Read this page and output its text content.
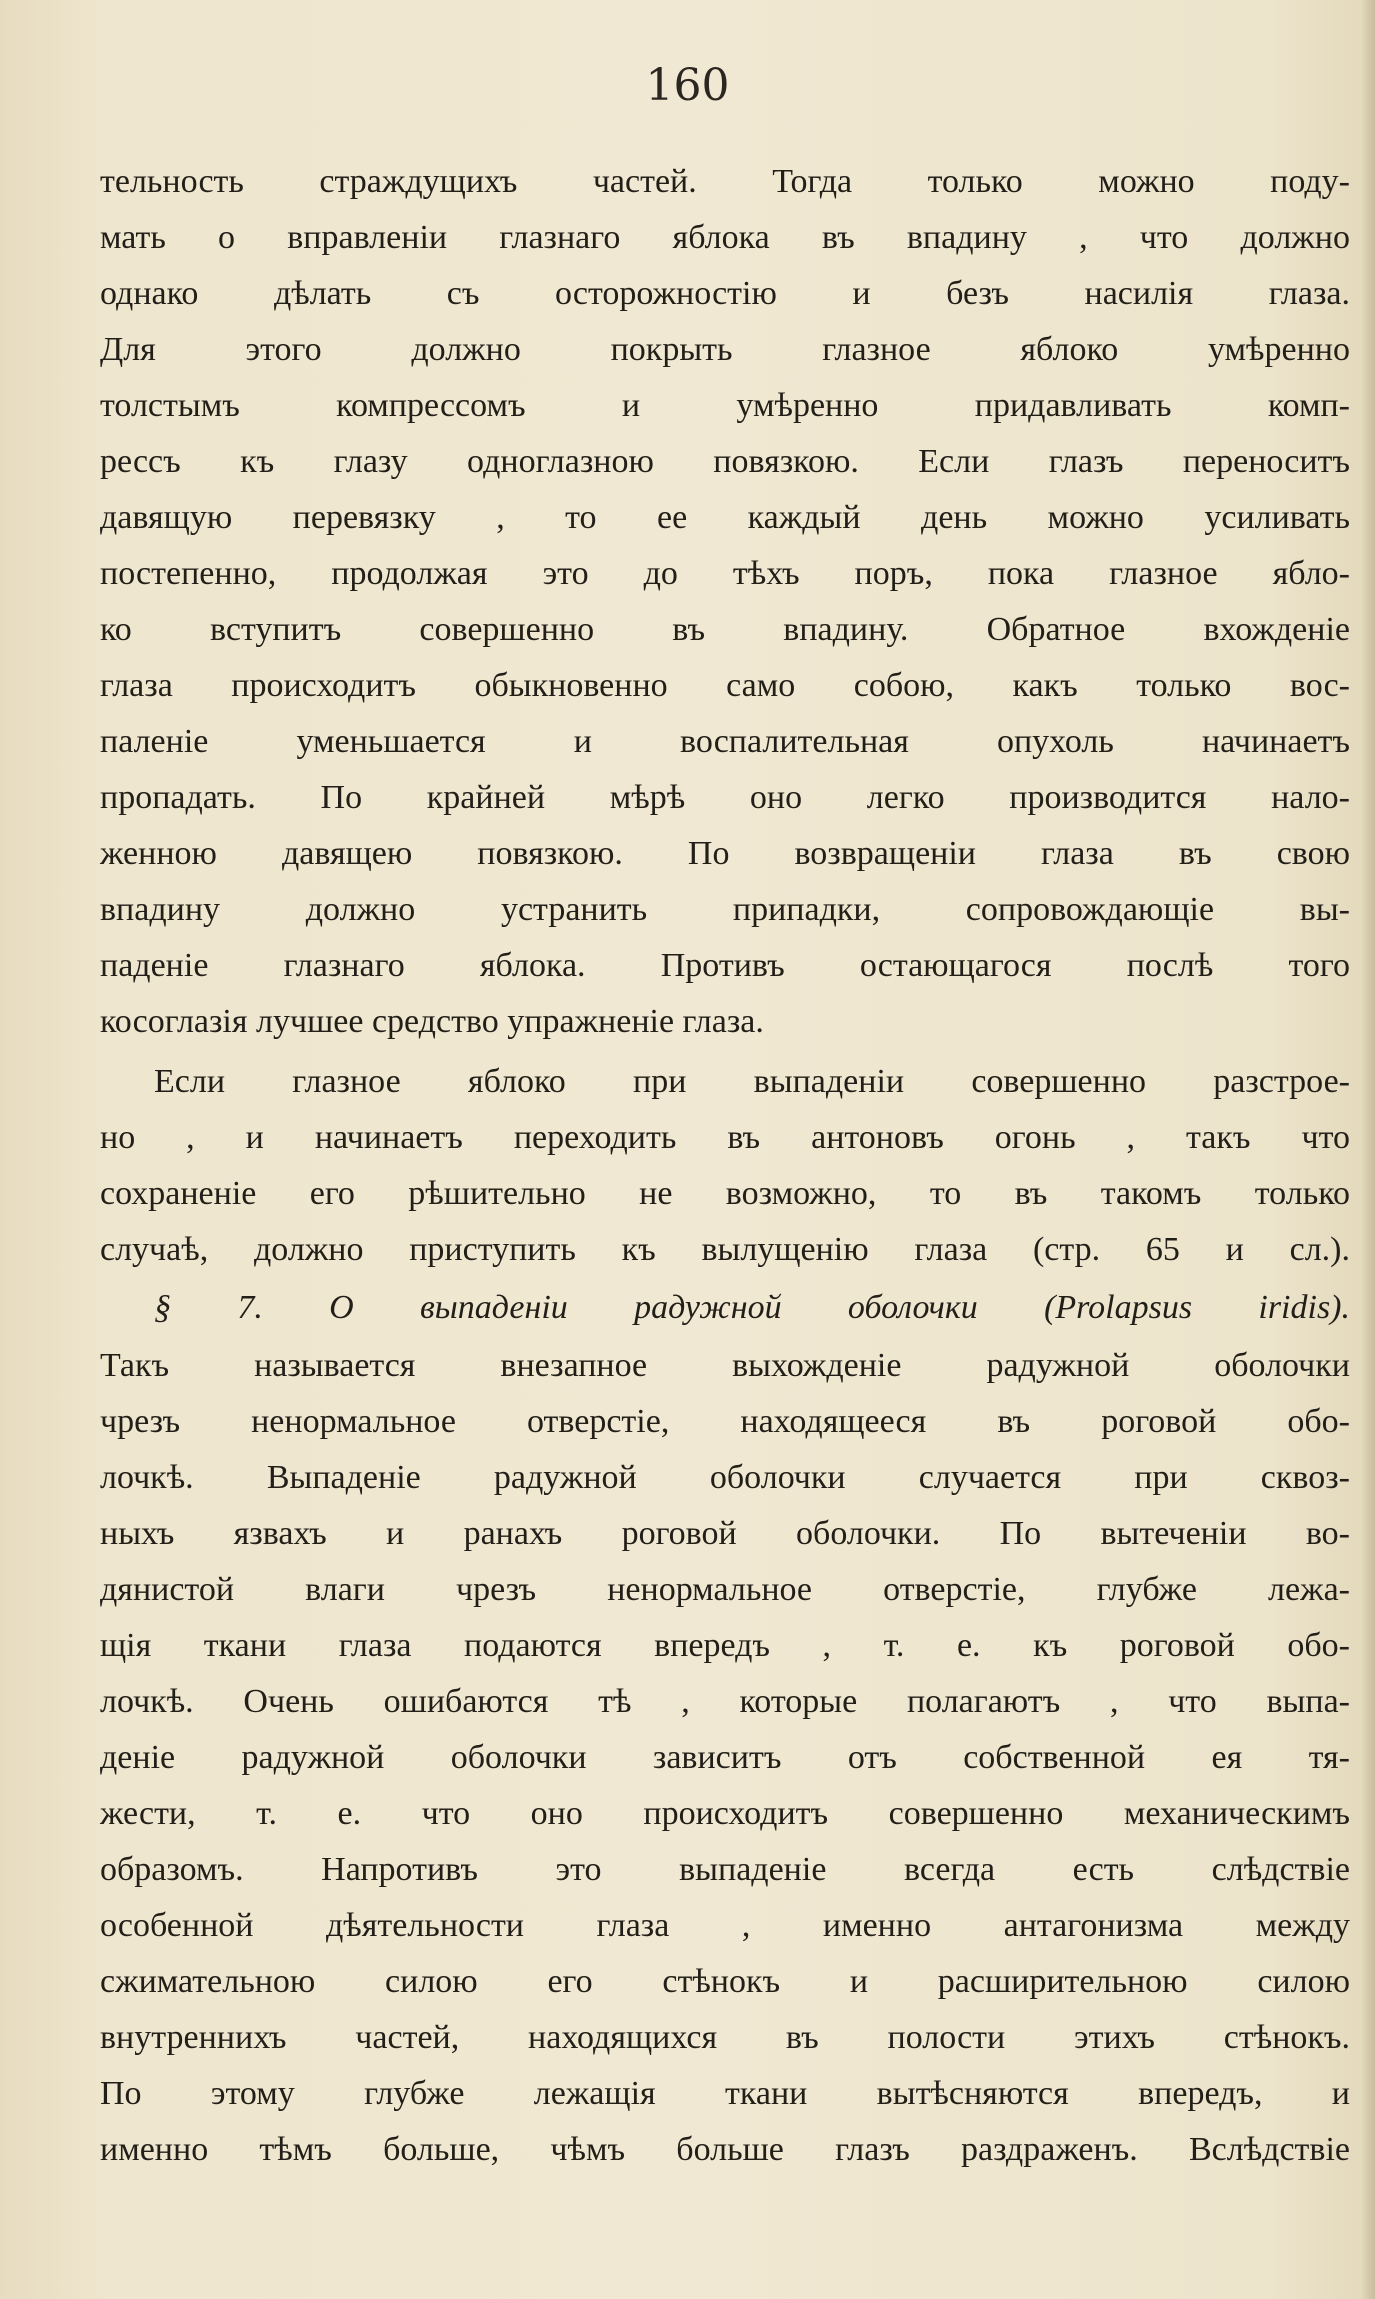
160
тельность страждущихъ частей. Тогда только можно поду-
мать о вправленіи глазнаго яблока въ впадину , что должно
однако дѣлать съ осторожностію и безъ насилія глаза.
Для этого должно покрыть глазное яблоко умѣренно
толстымъ компрессомъ и умѣренно придавливать комп-
рессъ къ глазу одноглазною повязкою. Если глазъ переноситъ
давящую перевязку , то ее каждый день можно усиливать
постепенно, продолжая это до тѣхъ поръ, пока глазное ябло-
ко вступитъ совершенно въ впадину. Обратное вхожденіе
глаза происходитъ обыкновенно само собою, какъ только вос-
паленіе уменьшается и воспалительная опухоль начинаетъ
пропадать. По крайней мѣрѣ оно легко производится нало-
женною давящею повязкою. По возвращеніи глаза въ свою
впадину должно устранить припадки, сопровождающіе вы-
паденіе глазнаго яблока. Противъ остающагося послѣ того
косоглазія лучшее средство упражненіе глаза.
Если глазное яблоко при выпаденіи совершенно разстрое-
но , и начинаетъ переходить въ антоновъ огонь , такъ что
сохраненіе его рѣшительно не возможно, то въ такомъ только
случаѣ, должно приступить къ вылущенію глаза (стр. 65 и сл.).
§ 7. О выпаденіи радужной оболочки (Prolapsus iridis).
Такъ называется внезапное выхожденіе радужной оболочки
чрезъ ненормальное отверстіе, находящееся въ роговой обо-
лочкѣ. Выпаденіе радужной оболочки случается при сквоз-
ныхъ язвахъ и ранахъ роговой оболочки. По вытеченіи во-
дянистой влаги чрезъ ненормальное отверстіе, глубже лежа-
щія ткани глаза подаются впередъ , т. е. къ роговой обо-
лочкѣ. Очень ошибаются тѣ , которые полагаютъ , что выпа-
деніе радужной оболочки зависитъ отъ собственной ея тя-
жести, т. е. что оно происходитъ совершенно механическимъ
образомъ. Напротивъ это выпаденіе всегда есть слѣдствіе
особенной дѣятельности глаза , именно антагонизма между
сжимательною силою его стѣнокъ и расширительною силою
внутреннихъ частей, находящихся въ полости этихъ стѣнокъ.
По этому глубже лежащія ткани вытѣсняются впередъ, и
именно тѣмъ больше, чѣмъ больше глазъ раздраженъ. Вслѣдствіе
